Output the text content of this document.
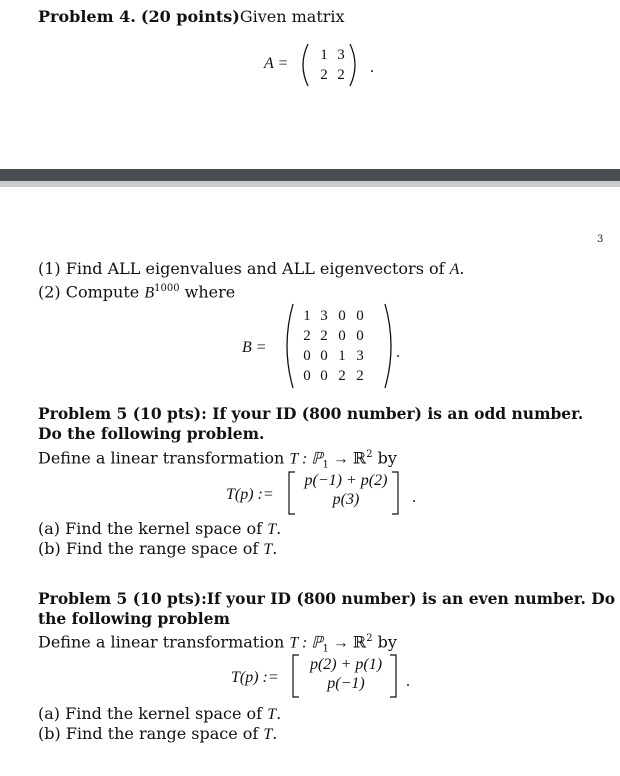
Problem 4. (20 points)Given matrix
A = 1 3
2 2	.
3
(1) Find ALL eigenvalues and ALL eigenvectors of A.
(2) Compute $B^{1000}$ where
B =
1 3 0 0
2 2 0 0
0 0 1 3
0 0 2 2
.
Problem 5 (10 pts): If your ID (800 number) is an odd number.
Do the following problem.
Define a linear transformation T : ℙ$_1$ → ℝ$^2$ by
T(p) :=
p(−1) + p(2)
p(3)	.
(a) Find the kernel space of T.
(b) Find the range space of T.
Problem 5 (10 pts):If your ID (800 number) is an even number. Do
the following problem
Define a linear transformation T : ℙ$_1$ → ℝ$^2$ by
T(p) :=
p(2) + p(1)
p(−1)	.
(a) Find the kernel space of T.
(b) Find the range space of T.
